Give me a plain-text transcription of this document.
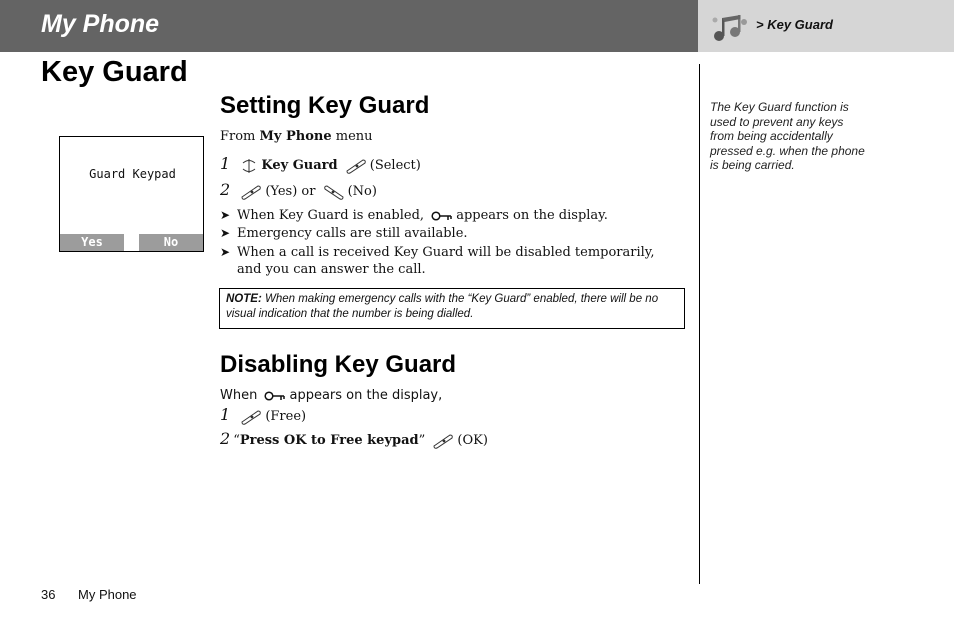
My Phone	> Key Guard
Key Guard
Guard Keypad
Yes	No
Setting Key Guard
From My Phone menu
1 Key Guard (Select)
2	(Yes) or (No)
➤ When Key Guard is enabled, appears on the display.
➤ Emergency calls are still available.
➤ When a call is received Key Guard will be disabled temporarily,
and you can answer the call.
NOTE: When making emergency calls with the “Key Guard” enabled, there will be no visual indication that the number is being dialled.
Disabling Key Guard
When appears on the display,
1	(Free)
2 “Press OK to Free keypad” (OK)
The Key Guard function is used to prevent any keys from being accidentally pressed e.g. when the phone is being carried.
36 My Phone
